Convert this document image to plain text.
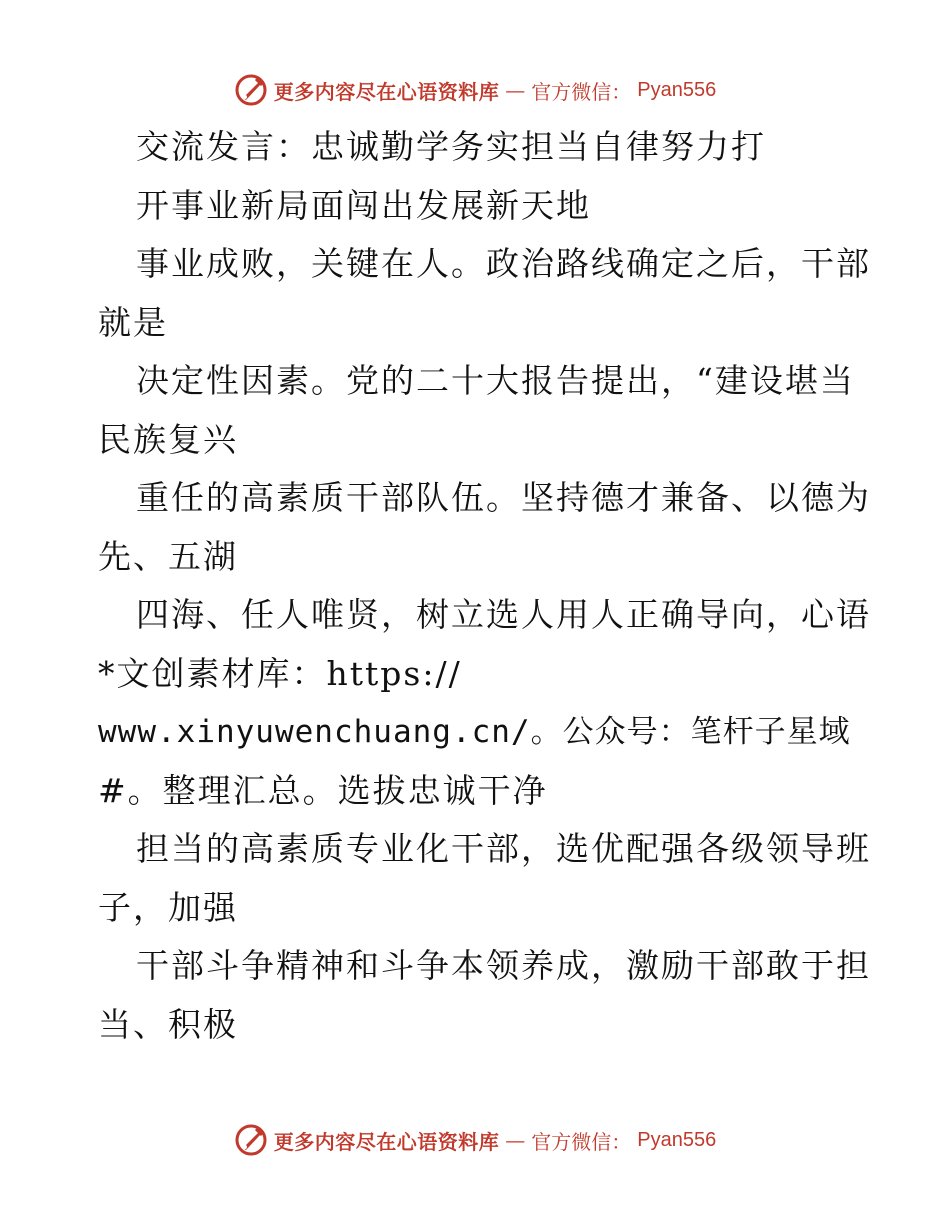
更多内容尽在心语资料库 — 官方微信： Pyan556
交流发言：忠诚勤学务实担当自律努力打
开事业新局面闯出发展新天地
事业成败，关键在人。政治路线确定之后，干部
就是
决定性因素。党的二十大报告提出，“建设堪当
民族复兴
重任的高素质干部队伍。坚持德才兼备、以德为
先、五湖
四海、任人唯贤，树立选人用人正确导向，心语
*文创素材库：https://
www.xinyuwenchuang.cn/。公众号：笔杆子星域
#。整理汇总。选拔忠诚干净
担当的高素质专业化干部，选优配强各级领导班
子，加强
干部斗争精神和斗争本领养成，激励干部敢于担
当、积极
更多内容尽在心语资料库 — 官方微信： Pyan556
